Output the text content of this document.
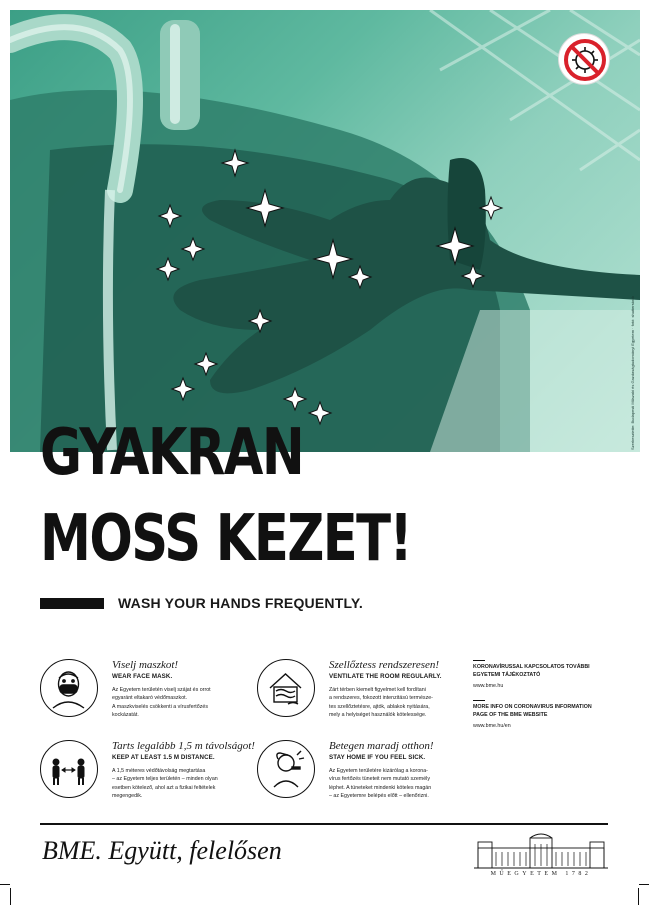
Szerkesztette: Budapesti Műszaki és Gazdaságtudományi Egyetem · fotó: shutterstock
GYAKRAN
MOSS KEZET!
WASH YOUR HANDS FREQUENTLY.
Viselj maszkot!
WEAR FACE MASK.
Az Egyetem területén viselj szájat és orrot
egyaránt eltakaró védőmaszkot.
A maszkviselés csökkenti a vírusfertőzés
kockázatát.
Szellőztess rendszeresen!
VENTILATE THE ROOM REGULARLY.
Zárt térben kiemelt figyelmet kell fordítani
a rendszeres, fokozott intenzitású természe-
tes szellőztetésre, ajtók, ablakok nyitására,
mely a helyiséget használók kötelessége.
Tarts legalább 1,5 m távolságot!
KEEP AT LEAST 1.5 M DISTANCE.
A 1,5 méteres védőtávolság megtartása
– az Egyetem teljes területén – minden olyan
esetben kötelező, ahol azt a fizikai feltételek
megengedik.
Betegen maradj otthon!
STAY HOME IF YOU FEEL SICK.
Az Egyetem területére kizárólag a korona-
vírus fertőzés tüneteit nem mutató személy
léphet. A tüneteket mindenki köteles magán
– az Egyetemre belépés előtt – ellenőrizni.
KORONAVÍRUSSAL KAPCSOLATOS TOVÁBBI
EGYETEMI TÁJÉKOZTATÓ
www.bme.hu
MORE INFO ON CORONAVIRUS INFORMATION
PAGE OF THE BME WEBSITE
www.bme.hu/en
BME. Együtt, felelősen
MŰEGYETEM 1782
